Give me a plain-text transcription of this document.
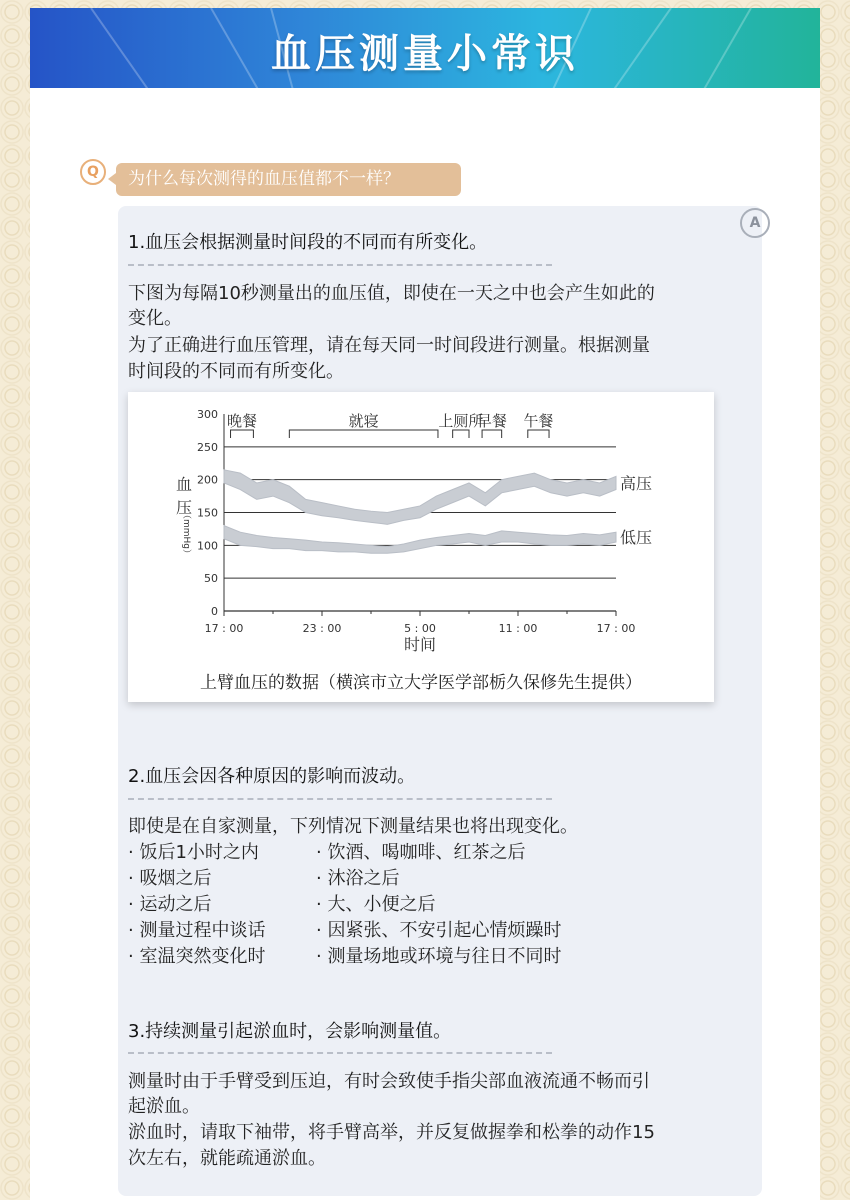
血压测量小常识
Q	为什么每次测得的血压值都不一样？
A
1.血压会根据测量时间段的不同而有所变化。
下图为每隔10秒测量出的血压值，即使在一天之中也会产生如此的
变化。
为了正确进行血压管理，请在每天同一时间段进行测量。根据测量
时间段的不同而有所变化。
0
50
100
150
200
250
300
17 : 00	23 : 00	5 : 00	11 : 00	17 : 00
时间
血
压
（mmHg）
高压
低压
晚餐	就寝	上厕所
早餐 午餐
上臂血压的数据（横滨市立大学医学部栃久保修先生提供）
2.血压会因各种原因的影响而波动。
即使是在自家测量，下列情况下测量结果也将出现变化。
· 饭后1小时之内
· 吸烟之后
· 运动之后
· 测量过程中谈话
· 室温突然变化时
· 饮酒、喝咖啡、红茶之后
· 沐浴之后
· 大、小便之后
· 因紧张、不安引起心情烦躁时
· 测量场地或环境与往日不同时
3.持续测量引起淤血时，会影响测量值。
测量时由于手臂受到压迫，有时会致使手指尖部血液流通不畅而引
起淤血。
淤血时，请取下袖带，将手臂高举，并反复做握拳和松拳的动作15
次左右，就能疏通淤血。
